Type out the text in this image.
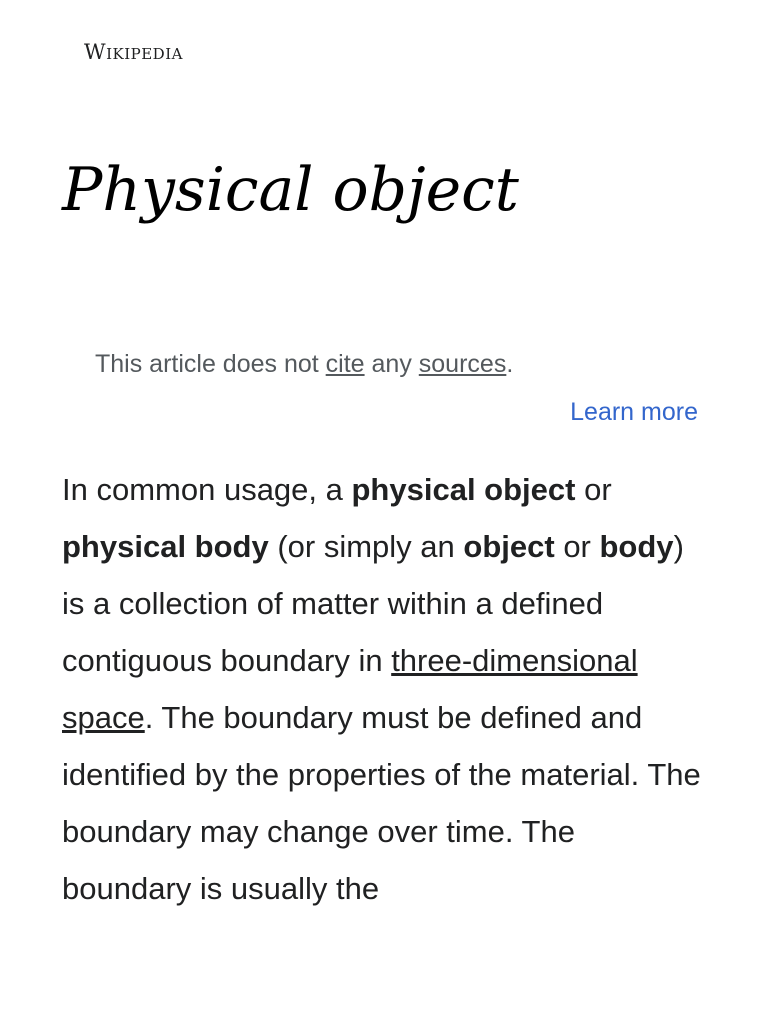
Wikipedia
Physical object
This article does not cite any sources.
Learn more

In common usage, a physical object or physical body (or simply an object or body) is a collection of matter within a defined contiguous boundary in three-dimensional space. The boundary must be defined and identified by the properties of the material. The boundary may change over time. The boundary is usually the
